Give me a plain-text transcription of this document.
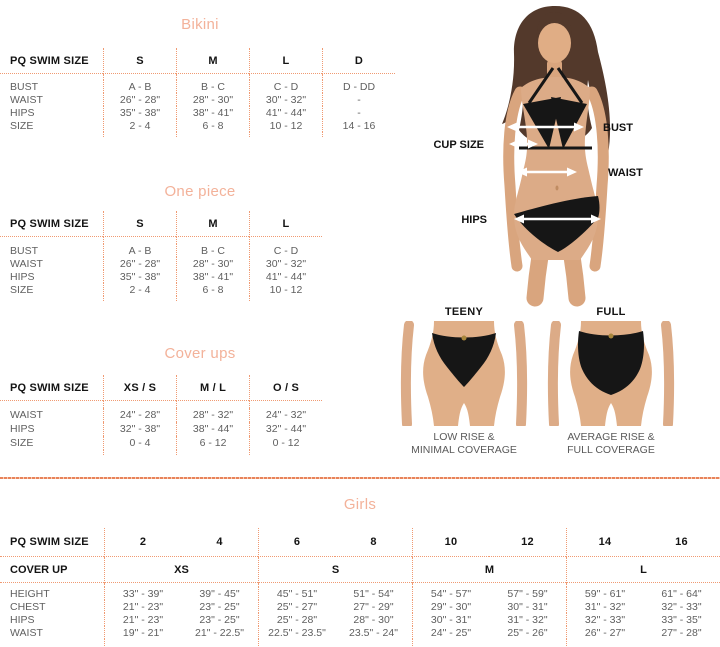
Bikini
PQ SWIM SIZE	S	M	L	D
BUST	A - B	B - C	C - D	D - DD
WAIST	26" - 28"	28" - 30"	30" - 32"	-
HIPS	35" - 38"	38" - 41"	41" - 44"	-
SIZE	2 - 4	6 - 8	10 - 12	14 - 16
One piece
PQ SWIM SIZE	S	M	L
BUST	A - B	B - C	C - D
WAIST	26" - 28"	28" - 30"	30" - 32"
HIPS	35" - 38"	38" - 41"	41" - 44"
SIZE	2 - 4	6 - 8	10 - 12
Cover ups
PQ SWIM SIZE	XS / S	M / L	O / S
WAIST	24" - 28"	28" - 32"	24" - 32"
HIPS	32" - 38"	38" - 44"	32" - 44"
SIZE	0 - 4	6 - 12	0 - 12
BUST
CUP SIZE
WAIST
HIPS
TEENY
LOW RISE &
MINIMAL COVERAGE
FULL
AVERAGE RISE &
FULL COVERAGE
Girls
PQ SWIM SIZE	2	4	6	8	10	12	14	16
COVER UP	XS	S	M	L
HEIGHT	33" - 39"	39" - 45"	45" - 51"	51" - 54"	54" - 57"	57" - 59"	59" - 61"	61" - 64"
CHEST	21" - 23"	23" - 25"	25" - 27"	27" - 29"	29" - 30"	30" - 31"	31" - 32"	32" - 33"
HIPS	21" - 23"	23" - 25"	25" - 28"	28" - 30"	30" - 31"	31" - 32"	32" - 33"	33" - 35"
WAIST	19" - 21"	21" - 22.5"	22.5" - 23.5"	23.5" - 24"	24" - 25"	25" - 26"	26" - 27"	27" - 28"
